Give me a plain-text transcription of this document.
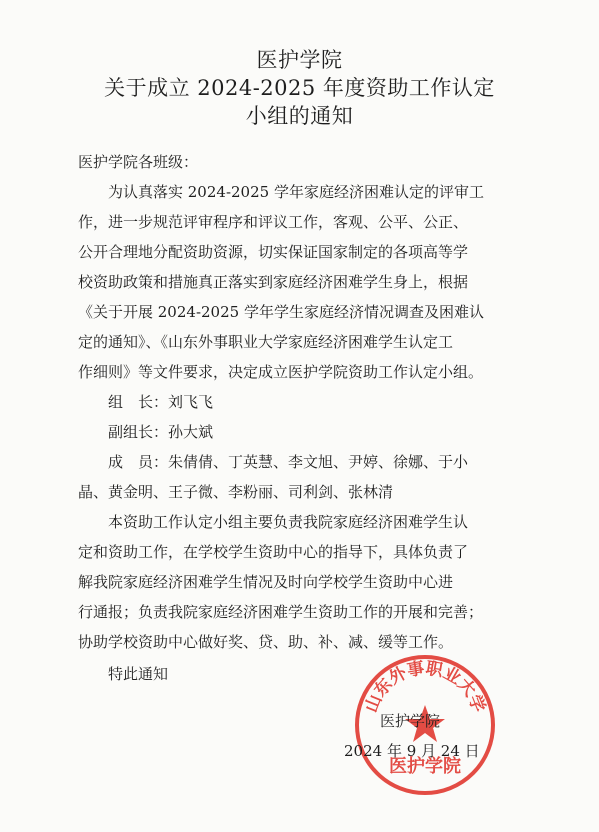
医护学院
关于成立 2024-2025 年度资助工作认定
小组的通知
医护学院各班级：
为认真落实 2024-2025 学年家庭经济困难认定的评审工
作，进一步规范评审程序和评议工作，客观、公平、公正、
公开合理地分配资助资源，切实保证国家制定的各项高等学
校资助政策和措施真正落实到家庭经济困难学生身上，根据
《关于开展 2024-2025 学年学生家庭经济情况调查及困难认
定的通知》、《山东外事职业大学家庭经济困难学生认定工
作细则》等文件要求，决定成立医护学院资助工作认定小组。
组　长：刘飞飞
副组长：孙大斌
成　员：朱倩倩、丁英慧、李文旭、尹婷、徐娜、于小
晶、黄金明、王子微、李粉丽、司利剑、张林清
本资助工作认定小组主要负责我院家庭经济困难学生认
定和资助工作，在学校学生资助中心的指导下，具体负责了
解我院家庭经济困难学生情况及时向学校学生资助中心进
行通报；负责我院家庭经济困难学生资助工作的开展和完善；
协助学校资助中心做好奖、贷、助、补、减、缓等工作。
特此通知
山东外事职业大学
医护学院
医护学院
2024 年 9 月 24 日
